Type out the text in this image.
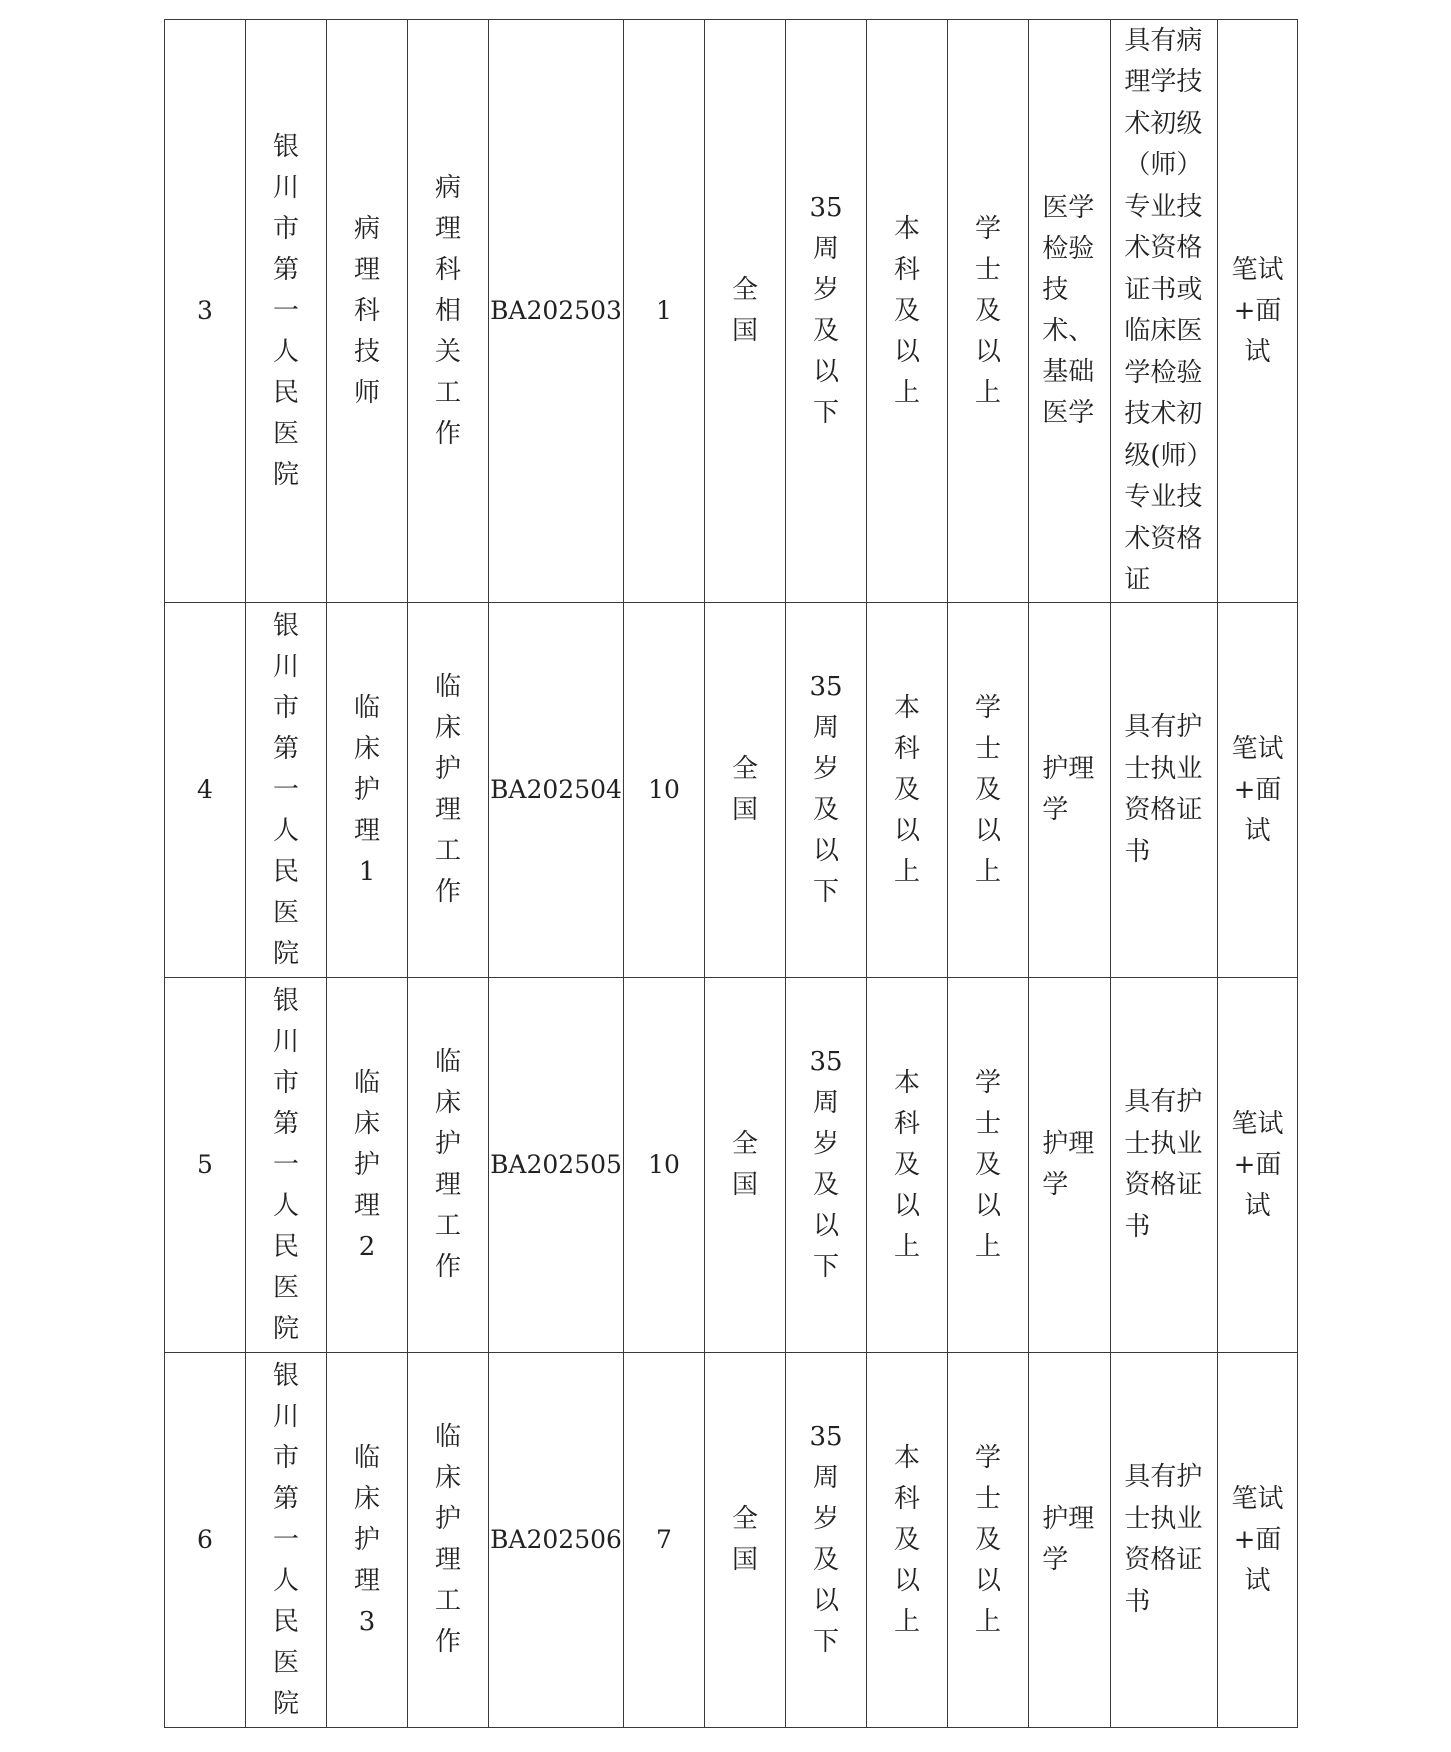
3	银川市第一人民医院	病理科技师	病理科相关工作	BA202503	1	全国	35周岁及以下	本科及以上	学士及以上	医学检验技术、基础医学	具有病理学技术初级（师）专业技术资格证书或临床医学检验技术初级(师）专业技术资格证	笔试+面试
4	银川市第一人民医院	临床护理1	临床护理工作	BA202504	10	全国	35周岁及以下	本科及以上	学士及以上	护理学	具有护士执业资格证书	笔试+面试
5	银川市第一人民医院	临床护理2	临床护理工作	BA202505	10	全国	35周岁及以下	本科及以上	学士及以上	护理学	具有护士执业资格证书	笔试+面试
6	银川市第一人民医院	临床护理3	临床护理工作	BA202506	7	全国	35周岁及以下	本科及以上	学士及以上	护理学	具有护士执业资格证书	笔试+面试
